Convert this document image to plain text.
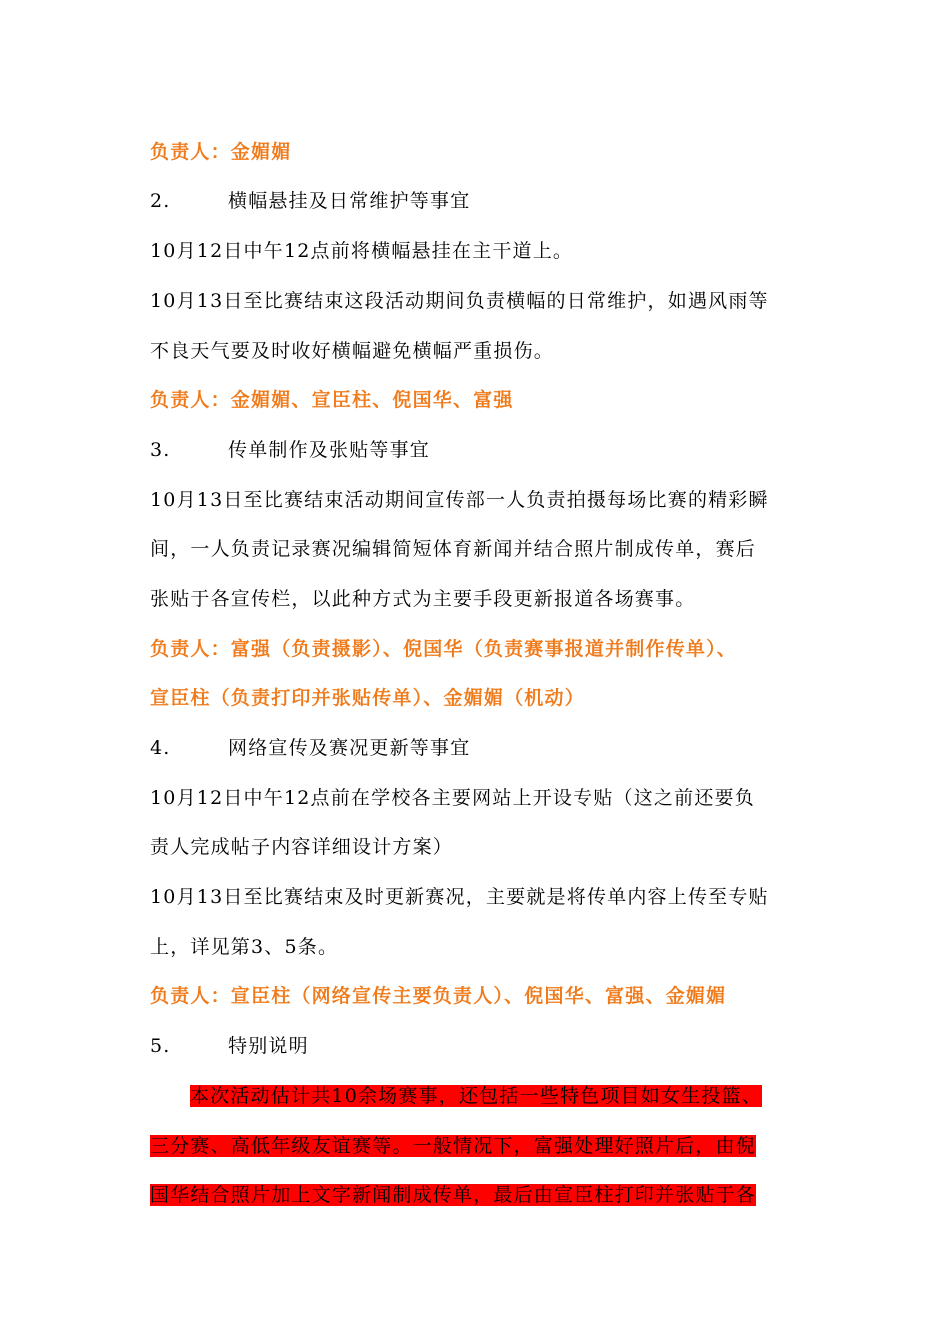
负责人：金媚媚
2.	横幅悬挂及日常维护等事宜
10月12日中午12点前将横幅悬挂在主干道上。
10月13日至比赛结束这段活动期间负责横幅的日常维护，如遇风雨等
不良天气要及时收好横幅避免横幅严重损伤。
负责人：金媚媚、宣臣柱、倪国华、富强
3.	传单制作及张贴等事宜
10月13日至比赛结束活动期间宣传部一人负责拍摄每场比赛的精彩瞬
间，一人负责记录赛况编辑简短体育新闻并结合照片制成传单，赛后
张贴于各宣传栏，以此种方式为主要手段更新报道各场赛事。
负责人：富强（负责摄影）、倪国华（负责赛事报道并制作传单）、
宣臣柱（负责打印并张贴传单）、金媚媚（机动）
4.	网络宣传及赛况更新等事宜
10月12日中午12点前在学校各主要网站上开设专贴（这之前还要负
责人完成帖子内容详细设计方案）
10月13日至比赛结束及时更新赛况，主要就是将传单内容上传至专贴
上，详见第3、5条。
负责人：宣臣柱（网络宣传主要负责人）、倪国华、富强、金媚媚
5.	特别说明
本次活动估计共10余场赛事，还包括一些特色项目如女生投篮、
三分赛、高低年级友谊赛等。一般情况下，富强处理好照片后，由倪
国华结合照片加上文字新闻制成传单，最后由宣臣柱打印并张贴于各
